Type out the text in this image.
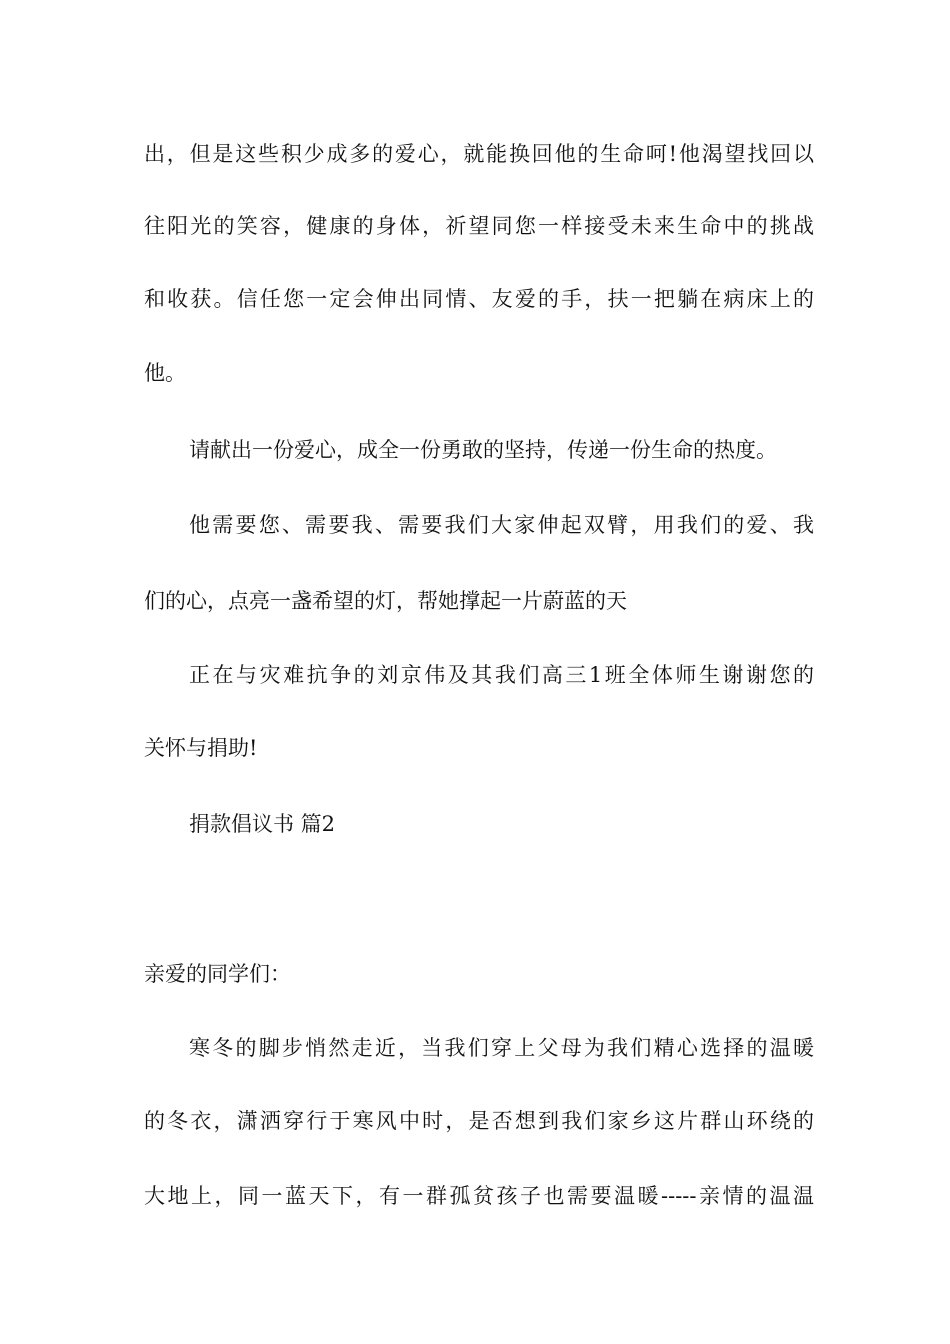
出，但是这些积少成多的爱心，就能换回他的生命呵!他渴望找回以
往阳光的笑容，健康的身体，祈望同您一样接受未来生命中的挑战
和收获。信任您一定会伸出同情、友爱的手，扶一把躺在病床上的
他。
请献出一份爱心，成全一份勇敢的坚持，传递一份生命的热度。
他需要您、需要我、需要我们大家伸起双臂，用我们的爱、我
们的心，点亮一盏希望的灯，帮她撑起一片蔚蓝的天
正在与灾难抗争的刘京伟及其我们高三1班全体师生谢谢您的
关怀与捐助!
捐款倡议书 篇2
亲爱的同学们：
寒冬的脚步悄然走近，当我们穿上父母为我们精心选择的温暖
的冬衣，潇洒穿行于寒风中时，是否想到我们家乡这片群山环绕的
大地上，同一蓝天下，有一群孤贫孩子也需要温暖-----亲情的温温
